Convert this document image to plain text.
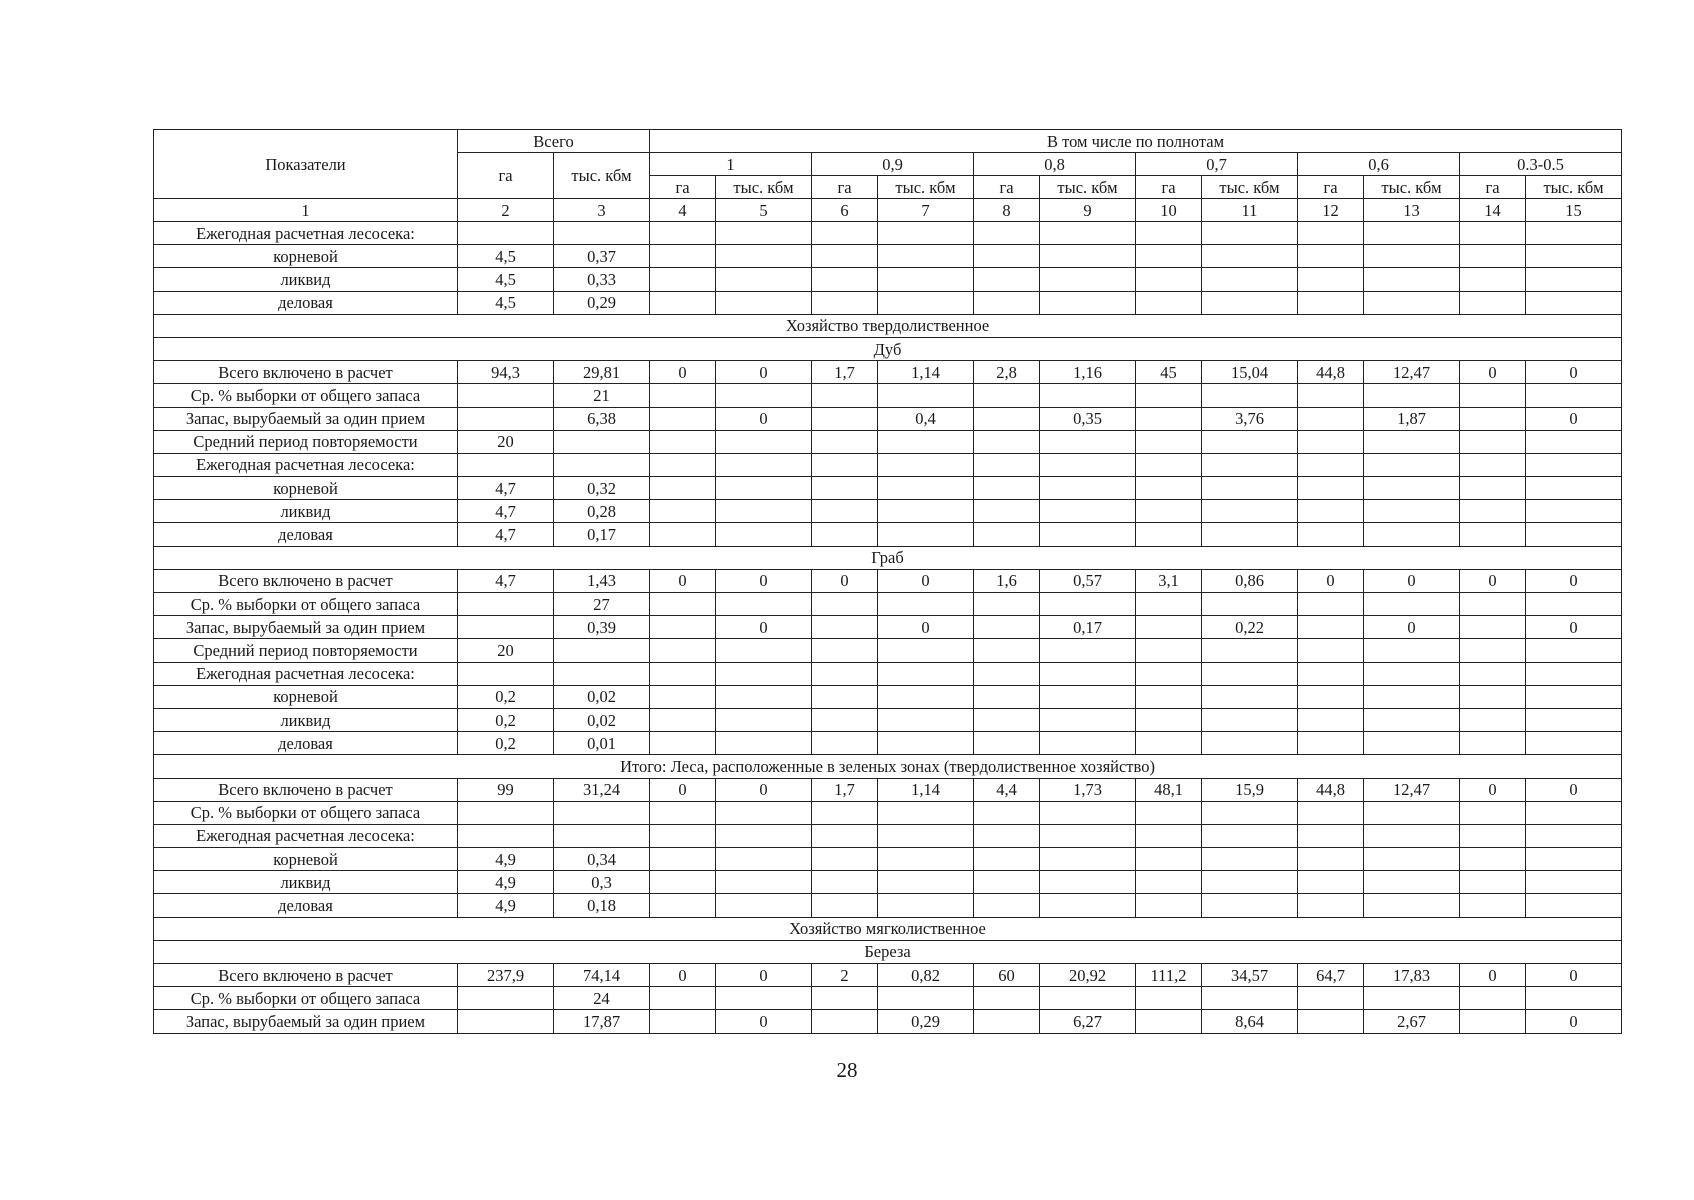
Показатели	Всего		В том числе по полнотам											
	га	тыс. кбм	1		0,9		0,8		0,7		0,6		0.3-0.5	
			га	тыс. кбм	га	тыс. кбм	га	тыс. кбм	га	тыс. кбм	га	тыс. кбм	га	тыс. кбм
1	2	3	4	5	6	7	8	9	10	11	12	13	14	15
Ежегодная расчетная лесосека:														
корневой	4,5	0,37												
ликвид	4,5	0,33												
деловая	4,5	0,29												
Хозяйство твердолиственное														
Дуб														
Всего включено в расчет	94,3	29,81	0	0	1,7	1,14	2,8	1,16	45	15,04	44,8	12,47	0	0
Ср. % выборки от общего запаса		21												
Запас, вырубаемый за один прием		6,38		0		0,4		0,35		3,76		1,87		0
Средний период повторяемости	20													
Ежегодная расчетная лесосека:														
корневой	4,7	0,32												
ликвид	4,7	0,28												
деловая	4,7	0,17												
Граб														
Всего включено в расчет	4,7	1,43	0	0	0	0	1,6	0,57	3,1	0,86	0	0	0	0
Ср. % выборки от общего запаса		27												
Запас, вырубаемый за один прием		0,39		0		0		0,17		0,22		0		0
Средний период повторяемости	20													
Ежегодная расчетная лесосека:														
корневой	0,2	0,02												
ликвид	0,2	0,02												
деловая	0,2	0,01												
Итого: Леса, расположенные в зеленых зонах (твердолиственное хозяйство)														
Всего включено в расчет	99	31,24	0	0	1,7	1,14	4,4	1,73	48,1	15,9	44,8	12,47	0	0
Ср. % выборки от общего запаса														
Ежегодная расчетная лесосека:														
корневой	4,9	0,34												
ликвид	4,9	0,3												
деловая	4,9	0,18												
Хозяйство мягколиственное														
Береза														
Всего включено в расчет	237,9	74,14	0	0	2	0,82	60	20,92	111,2	34,57	64,7	17,83	0	0
Ср. % выборки от общего запаса		24												
Запас, вырубаемый за один прием		17,87		0		0,29		6,27		8,64		2,67		0
28
